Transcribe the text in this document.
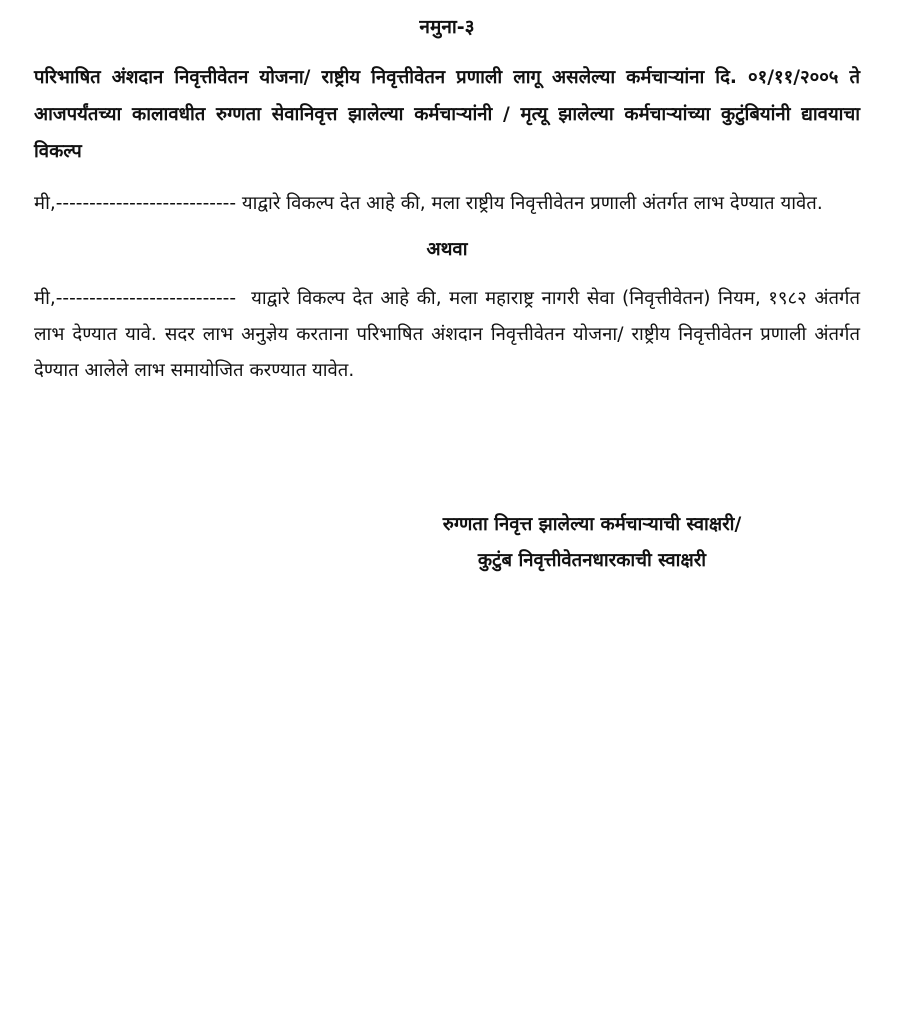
नमुना-३
परिभाषित अंशदान निवृत्तीवेतन योजना/ राष्ट्रीय निवृत्तीवेतन प्रणाली लागू असलेल्या कर्मचाऱ्यांना दि. ०१/११/२००५ ते आजपर्यंतच्या कालावधीत रुग्णता सेवानिवृत्त झालेल्या कर्मचाऱ्यांनी / मृत्यू झालेल्या कर्मचाऱ्यांच्या कुटुंबियांनी द्यावयाचा विकल्प
मी,--------------------------- याद्वारे विकल्प देत आहे की, मला राष्ट्रीय निवृत्तीवेतन प्रणाली अंतर्गत लाभ देण्यात यावेत.
अथवा
मी,---------------------------  याद्वारे विकल्प देत आहे की, मला महाराष्ट्र नागरी सेवा (निवृत्तीवेतन) नियम, १९८२ अंतर्गत लाभ देण्यात यावे. सदर लाभ अनुज्ञेय करताना परिभाषित अंशदान निवृत्तीवेतन योजना/ राष्ट्रीय निवृत्तीवेतन प्रणाली अंतर्गत देण्यात आलेले लाभ समायोजित करण्यात यावेत.
रुग्णता निवृत्त झालेल्या कर्मचाऱ्याची स्वाक्षरी/
कुटुंब निवृत्तीवेतनधारकाची स्वाक्षरी
